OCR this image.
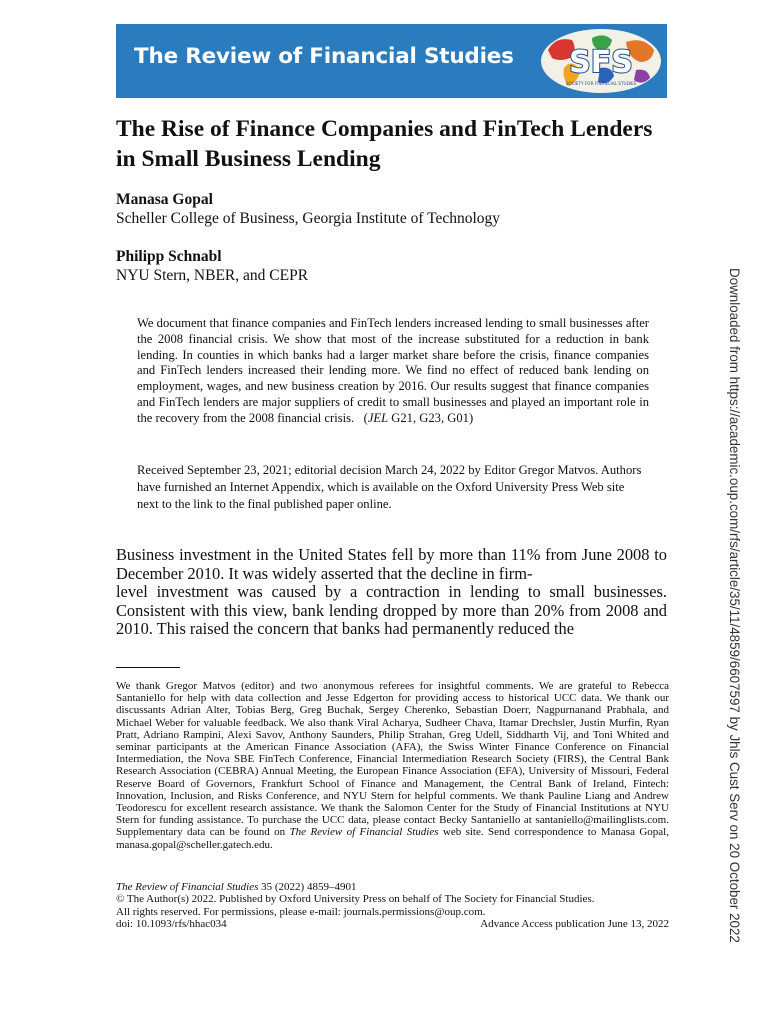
The Review of Financial Studies SFS
SOCIETY FOR FINANCIAL STUDIES
The Rise of Finance Companies and FinTech Lenders in Small Business Lending
Manasa Gopal
Scheller College of Business, Georgia Institute of Technology
Philipp Schnabl
NYU Stern, NBER, and CEPR
We document that finance companies and FinTech lenders increased lending to small businesses after the 2008 financial crisis. We show that most of the increase substituted for a reduction in bank lending. In counties in which banks had a larger market share before the crisis, finance companies and FinTech lenders increased their lending more. We find no effect of reduced bank lending on employment, wages, and new business creation by 2016. Our results suggest that finance companies and FinTech lenders are major suppliers of credit to small businesses and played an important role in the recovery from the 2008 financial crisis.   (JEL G21, G23, G01)
Received September 23, 2021; editorial decision March 24, 2022 by Editor Gregor Matvos. Authors have furnished an Internet Appendix, which is available on the Oxford University Press Web site next to the link to the final published paper online.
Business investment in the United States fell by more than 11% from June 2008 to December 2010. It was widely asserted that the decline in firm-
level investment was caused by a contraction in lending to small businesses. Consistent with this view, bank lending dropped by more than 20% from 2008 and 2010. This raised the concern that banks had permanently reduced the
We thank Gregor Matvos (editor) and two anonymous referees for insightful comments. We are grateful to Rebecca Santaniello for help with data collection and Jesse Edgerton for providing access to historical UCC data. We thank our discussants Adrian Alter, Tobias Berg, Greg Buchak, Sergey Cherenko, Sebastian Doerr, Nagpurnanand Prabhala, and Michael Weber for valuable feedback. We also thank Viral Acharya, Sudheer Chava, Itamar Drechsler, Justin Murfin, Ryan Pratt, Adriano Rampini, Alexi Savov, Anthony Saunders, Philip Strahan, Greg Udell, Siddharth Vij, and Toni Whited and seminar participants at the American Finance Association (AFA), the Swiss Winter Finance Conference on Financial Intermediation, the Nova SBE FinTech Conference, Financial Intermediation Research Society (FIRS), the Central Bank Research Association (CEBRA) Annual Meeting, the European Finance Association (EFA), University of Missouri, Federal Reserve Board of Governors, Frankfurt School of Finance and Management, the Central Bank of Ireland, Fintech: Innovation, Inclusion, and Risks Conference, and NYU Stern for helpful comments. We thank Pauline Liang and Andrew Teodorescu for excellent research assistance. We thank the Salomon Center for the Study of Financial Institutions at NYU Stern for funding assistance. To purchase the UCC data, please contact Becky Santaniello at santaniello@mailinglists.com. Supplementary data can be found on The Review of Financial Studies web site. Send correspondence to Manasa Gopal, manasa.gopal@scheller.gatech.edu.
The Review of Financial Studies 35 (2022) 4859–4901
© The Author(s) 2022. Published by Oxford University Press on behalf of The Society for Financial Studies.
All rights reserved. For permissions, please e-mail: journals.permissions@oup.com.
doi: 10.1093/rfs/hhac034	Advance Access publication June 13, 2022	Downloaded from https://academic.oup.com/rfs/article/35/11/4859/6607597 by Jhls Cust Serv on 20 October 2022
